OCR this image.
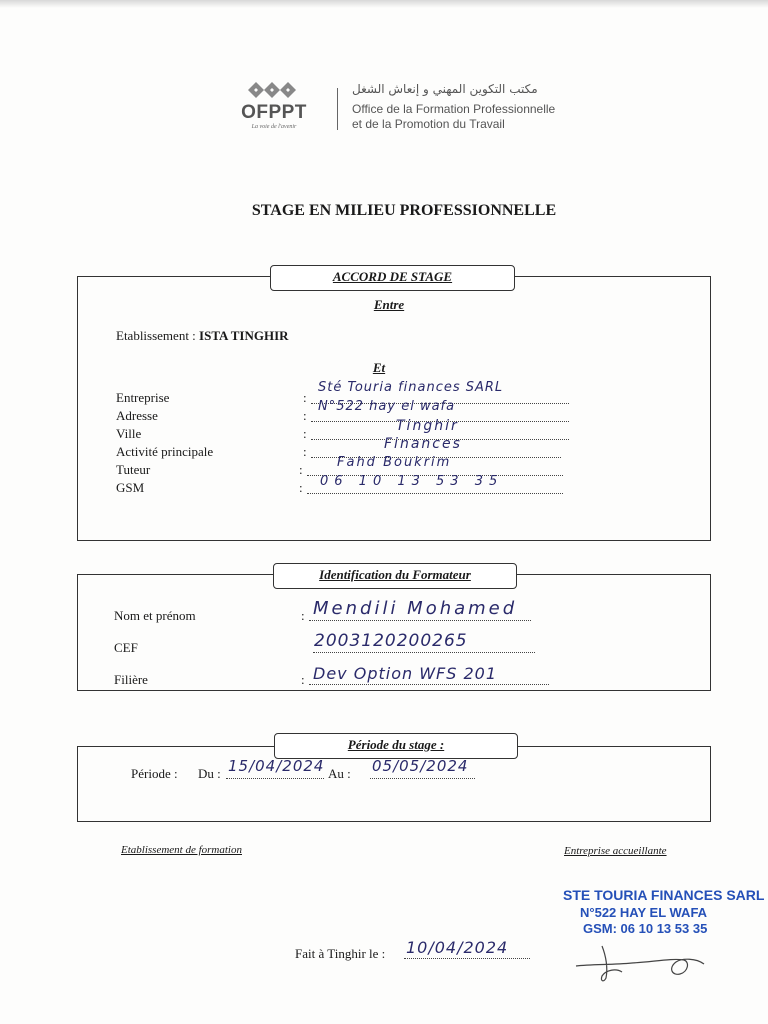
OFPPT
La voie de l'avenir
مكتب التكوين المهني و إنعاش الشغل
Office de la Formation Professionnelle
et de la Promotion du Travail
STAGE EN MILIEU PROFESSIONNELLE
ACCORD DE STAGE
Entre
Etablissement : ISTA TINGHIR
Et
Entreprise
Adresse
Ville
Activité principale
Tuteur
GSM
:
:
:
:
:
:
Sté Touria finances SARL
N°522 hay el wafa
Tinghir
Finances
Fahd Boukrim
06 10 13 53 35
Identification du Formateur
Nom et prénom
CEF
Filière
:
:
Mendili Mohamed
2003120200265
Dev Option WFS 201
Période du stage :
Période : Du : 15/04/2024 Au : 05/05/2024
Etablissement de formation	Entreprise accueillante
STE TOURIA FINANCES SARL
N°522 HAY EL WAFA
GSM: 06 10 13 53 35
Fait à Tinghir le : 10/04/2024
